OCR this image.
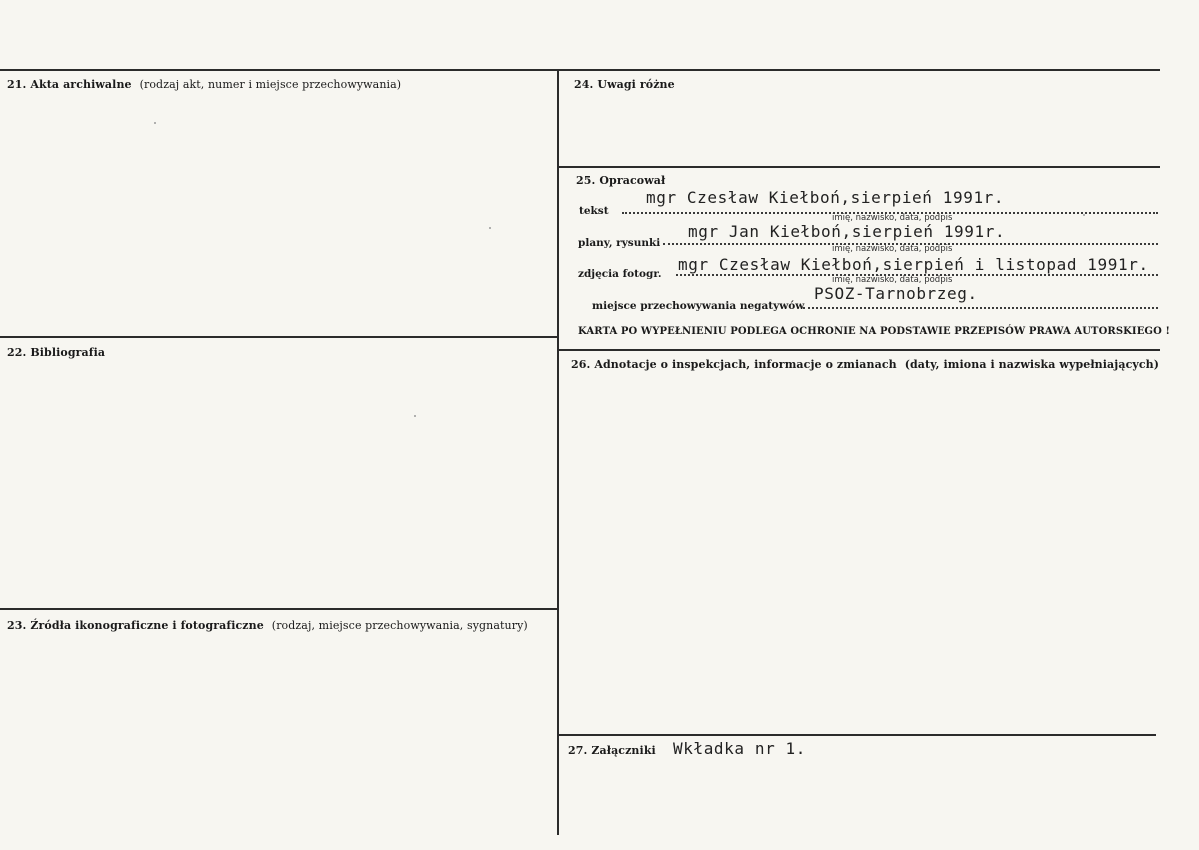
21. Akta archiwalne (rodzaj akt, numer i miejsce przechowywania)
22. Bibliografia
23. Źródła ikonograficzne i fotograficzne (rodzaj, miejsce przechowywania, sygnatury)
24. Uwagi różne
25. Opracował
tekst
mgr Czesław Kiełboń,sierpień 1991r.
imię, nazwisko, data, podpis
plany, rysunki
mgr Jan Kiełboń,sierpień 1991r.
imię, nazwisko, data, podpis
zdjęcia fotogr. mgr Czesław Kiełboń,sierpień i listopad 1991r.
imię, nazwisko, data, podpis
miejsce przechowywania negatywów
PSOZ-Tarnobrzeg.
KARTA PO WYPEŁNIENIU PODLEGA OCHRONIE NA PODSTAWIE PRZEPISÓW PRAWA AUTORSKIEGO !
26. Adnotacje o inspekcjach, informacje o zmianach (daty, imiona i nazwiska wypełniających)
27. Załączniki Wkładka nr 1.
